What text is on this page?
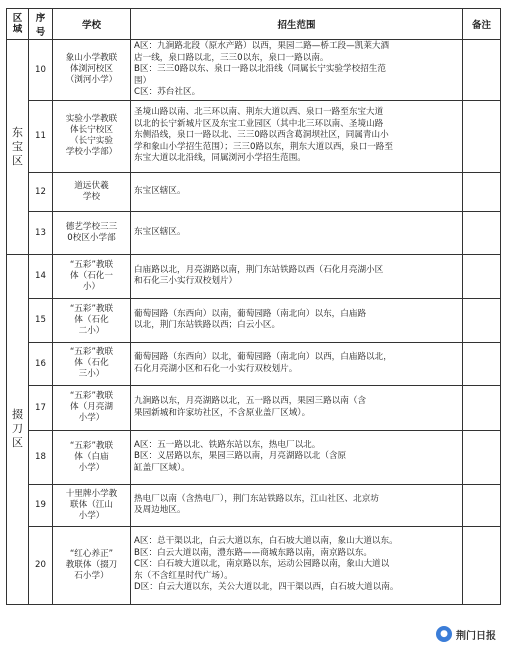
区域	序号	学校	招生范围	备注

东
宝
区	10	象山小学教联
体浏河校区
（浏河小学）	A区：九涧路北段（原水产路）以西，果园二路—桥工段—凯莱大酒
店一线，泉口路以北，三三0以东，泉口一路以南。
B区：三三0路以东、泉口一路以北沿线（同属长宁实验学校招生范
围）
C区：苏台社区。	

	11	实验小学教联
体长宁校区
（长宁实验
学校小学部）	圣境山路以南、北三环以南、荆东大道以西、泉口一路至东宝大道
以北的长宁新城片区及东宝工业园区（其中北三环以南、圣境山路
东侧沿线，泉口一路以北、三三0路以西含葛洞坝社区，同属青山小
学和象山小学招生范围）；三三0路以东，荆东大道以西，泉口一路至
东宝大道以北沿线，同属浏河小学招生范围。	

	12	道远伏羲
学校	东宝区辖区。	

	13	德艺学校三三
0校区小学部	东宝区辖区。	

掇
刀
区	14	“五彩”教联
体（石化一
小）	白庙路以北，月亮湖路以南，荆门东站铁路以西（石化月亮湖小区
和石化三小实行双校划片）	

	15	“五彩”教联
体（石化
二小）	葡萄园路（东西向）以南，葡萄园路（南北向）以东，白庙路
以北，荆门东站铁路以西；白云小区。	

	16	“五彩”教联
体（石化
三小）	葡萄园路（东西向）以北，葡萄园路（南北向）以西，白庙路以北，
石化月亮湖小区和石化一小实行双校划片。	

	17	“五彩”教联
体（月亮湖
小学）	九涧路以东，月亮湖路以北，五一路以西，果园三路以南（含
果园新城和许家坊社区，不含原业盖厂区域）。	

	18	“五彩”教联
体（白庙
小学）	A区：五一路以北、铁路东站以东，热电厂以北。
B区：义居路以东，果园三路以南，月亮湖路以北（含原
缸盖厂区域）。	

	19	十里牌小学教
联体（江山
小学）	热电厂以南（含热电厂），荆门东站铁路以东，江山社区、北京坊
及周边地区。	

	20	“红心养正”
教联体（掇刀
石小学）	A区：总干渠以北，白云大道以东，白石坡大道以南，象山大道以东。
B区：白云大道以南，澧东路——商城东路以南，南京路以东。
C区：白石坡大道以北，南京路以东，运动公园路以南，象山大道以
东（不含红星时代广场）。
D区：白云大道以东，关公大道以北，四干渠以西，白石坡大道以南。	

● 荆门日报
